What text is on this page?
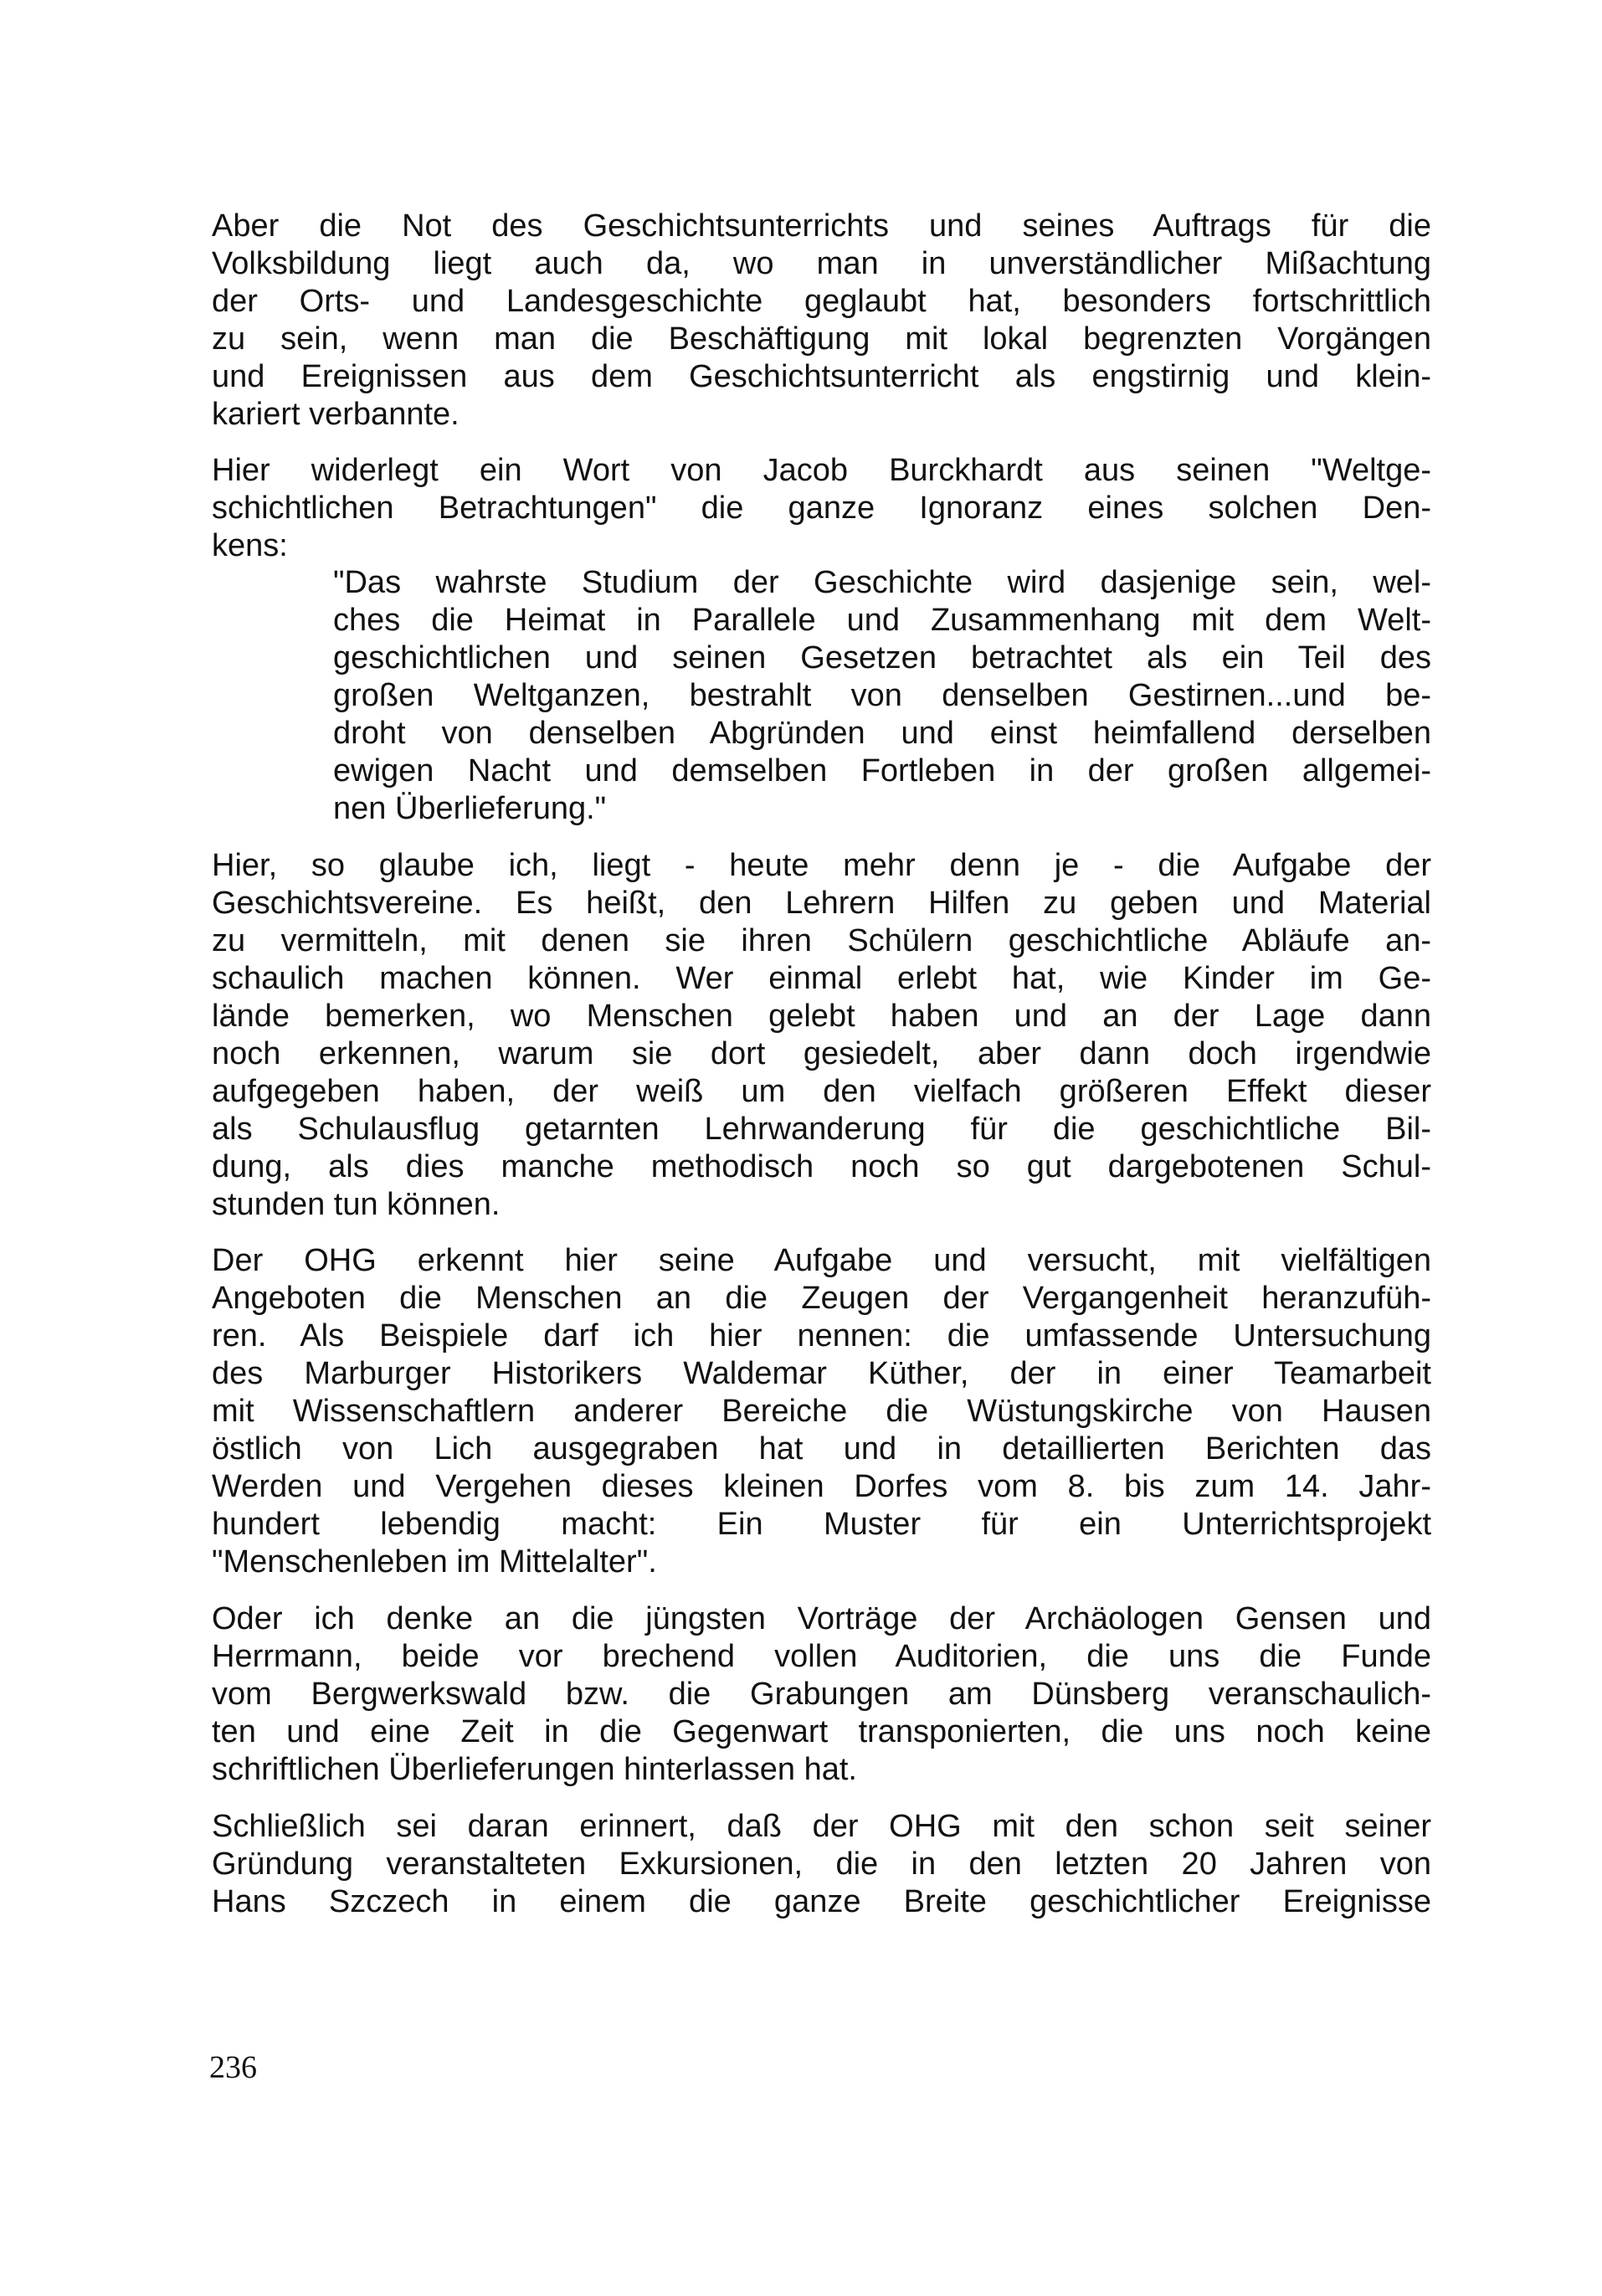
Aber die Not des Geschichtsunterrichts und seines Auftrags für die
Volksbildung liegt auch da, wo man in unverständlicher Mißachtung
der Orts- und Landesgeschichte geglaubt hat, besonders fortschrittlich
zu sein, wenn man die Beschäftigung mit lokal begrenzten Vorgängen
und Ereignissen aus dem Geschichtsunterricht als engstirnig und klein-
kariert verbannte.
Hier widerlegt ein Wort von Jacob Burckhardt aus seinen "Weltge-
schichtlichen Betrachtungen" die ganze Ignoranz eines solchen Den-
kens:
"Das wahrste Studium der Geschichte wird dasjenige sein, wel-
ches die Heimat in Parallele und Zusammenhang mit dem Welt-
geschichtlichen und seinen Gesetzen betrachtet als ein Teil des
großen Weltganzen, bestrahlt von denselben Gestirnen...und be-
droht von denselben Abgründen und einst heimfallend derselben
ewigen Nacht und demselben Fortleben in der großen allgemei-
nen Überlieferung."
Hier, so glaube ich, liegt - heute mehr denn je - die Aufgabe der
Geschichtsvereine. Es heißt, den Lehrern Hilfen zu geben und Material
zu vermitteln, mit denen sie ihren Schülern geschichtliche Abläufe an-
schaulich machen können. Wer einmal erlebt hat, wie Kinder im Ge-
lände bemerken, wo Menschen gelebt haben und an der Lage dann
noch erkennen, warum sie dort gesiedelt, aber dann doch irgendwie
aufgegeben haben, der weiß um den vielfach größeren Effekt dieser
als Schulausflug getarnten Lehrwanderung für die geschichtliche Bil-
dung, als dies manche methodisch noch so gut dargebotenen Schul-
stunden tun können.
Der OHG erkennt hier seine Aufgabe und versucht, mit vielfältigen
Angeboten die Menschen an die Zeugen der Vergangenheit heranzufüh-
ren. Als Beispiele darf ich hier nennen: die umfassende Untersuchung
des Marburger Historikers Waldemar Küther, der in einer Teamarbeit
mit Wissenschaftlern anderer Bereiche die Wüstungskirche von Hausen
östlich von Lich ausgegraben hat und in detaillierten Berichten das
Werden und Vergehen dieses kleinen Dorfes vom 8. bis zum 14. Jahr-
hundert lebendig macht: Ein Muster für ein Unterrichtsprojekt
"Menschenleben im Mittelalter".
Oder ich denke an die jüngsten Vorträge der Archäologen Gensen und
Herrmann, beide vor brechend vollen Auditorien, die uns die Funde
vom Bergwerkswald bzw. die Grabungen am Dünsberg veranschaulich-
ten und eine Zeit in die Gegenwart transponierten, die uns noch keine
schriftlichen Überlieferungen hinterlassen hat.
Schließlich sei daran erinnert, daß der OHG mit den schon seit seiner
Gründung veranstalteten Exkursionen, die in den letzten 20 Jahren von
Hans Szczech in einem die ganze Breite geschichtlicher Ereignisse
236
